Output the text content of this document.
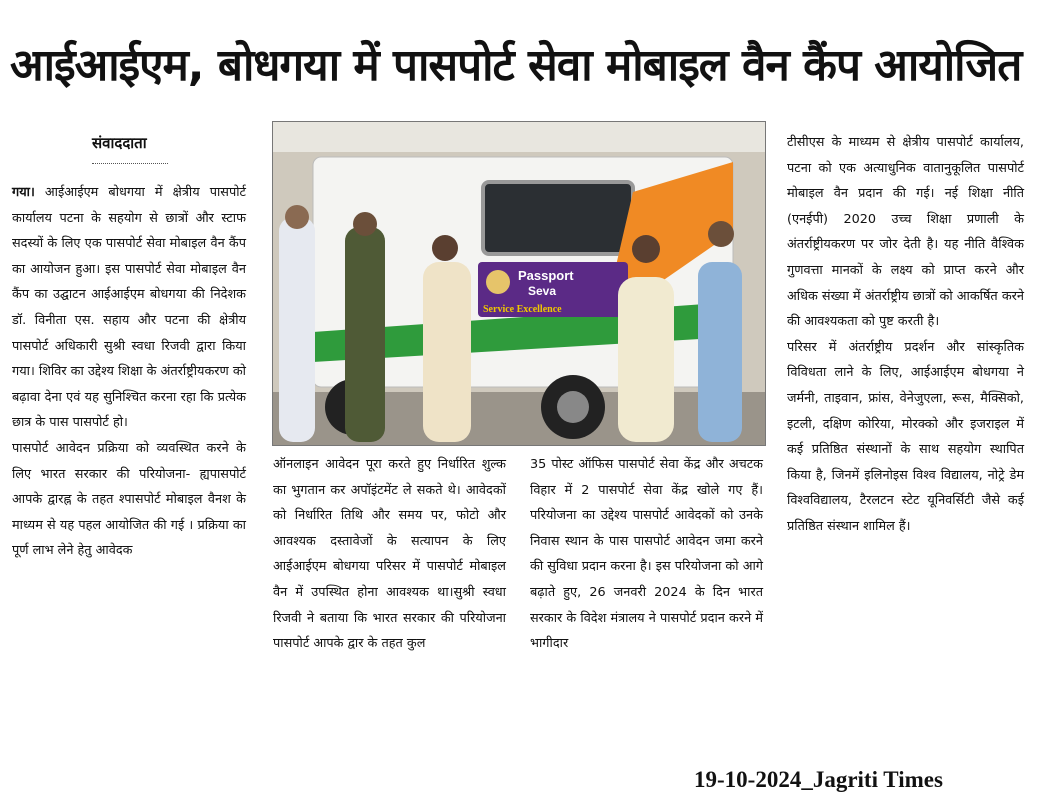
आईआईएम, बोधगया में पासपोर्ट सेवा मोबाइल वैन कैंप आयोजित
संवाददाता

गया। आईआईएम बोधगया में क्षेत्रीय पासपोर्ट कार्यालय पटना के सहयोग से छात्रों और स्टाफ सदस्यों के लिए एक पासपोर्ट सेवा मोबाइल वैन कैंप का आयोजन हुआ। इस पासपोर्ट सेवा मोबाइल वैन कैंप का उद्घाटन आईआईएम बोधगया की निदेशक डॉ. विनीता एस. सहाय और पटना की क्षेत्रीय पासपोर्ट अधिकारी सुश्री स्वधा रिजवी द्वारा किया गया। शिविर का उद्देश्य शिक्षा के अंतर्राष्ट्रीयकरण को बढ़ावा देना एवं यह सुनिश्चित करना रहा कि प्रत्येक छात्र के पास पासपोर्ट हो।

पासपोर्ट आवेदन प्रक्रिया को व्यवस्थित करने के लिए भारत सरकार की परियोजना- ह्यपासपोर्ट आपके द्वारह्न के तहत श्पासपोर्ट मोबाइल वैनश के माध्यम से यह पहल आयोजित की गई । प्रक्रिया का पूर्ण लाभ लेने हेतु आवेदक

Passport
Seva
Service Excellence

ऑनलाइन आवेदन पूरा करते हुए निर्धारित शुल्क का भुगतान कर अपॉइंटमेंट ले सकते थे। आवेदकों को निर्धारित तिथि और समय पर, फोटो और आवश्यक दस्तावेजों के सत्यापन के लिए आईआईएम बोधगया परिसर में पासपोर्ट मोबाइल वैन में उपस्थित होना आवश्यक था।सुश्री स्वधा रिजवी ने बताया कि भारत सरकार की परियोजना पासपोर्ट आपके द्वार के तहत कुल

35 पोस्ट ऑफिस पासपोर्ट सेवा केंद्र और अचटक विहार में 2 पासपोर्ट सेवा केंद्र खोले गए हैं। परियोजना का उद्देश्य पासपोर्ट आवेदकों को उनके निवास स्थान के पास पासपोर्ट आवेदन जमा करने की सुविधा प्रदान करना है। इस परियोजना को आगे बढ़ाते हुए, 26 जनवरी 2024 के दिन भारत सरकार के विदेश मंत्रालय ने पासपोर्ट प्रदान करने में भागीदार

टीसीएस के माध्यम से क्षेत्रीय पासपोर्ट कार्यालय, पटना को एक अत्याधुनिक वातानुकूलित पासपोर्ट मोबाइल वैन प्रदान की गई। नई शिक्षा नीति (एनईपी) 2020 उच्च शिक्षा प्रणाली के अंतर्राष्ट्रीयकरण पर जोर देती है। यह नीति वैश्विक गुणवत्ता मानकों के लक्ष्य को प्राप्त करने और अधिक संख्या में अंतर्राष्ट्रीय छात्रों को आकर्षित करने की आवश्यकता को पुष्ट करती है।

परिसर में अंतर्राष्ट्रीय प्रदर्शन और सांस्कृतिक विविधता लाने के लिए, आईआईएम बोधगया ने जर्मनी, ताइवान, फ्रांस, वेनेजुएला, रूस, मैक्सिको, इटली, दक्षिण कोरिया, मोरक्को और इजराइल में कई प्रतिष्ठित संस्थानों के साथ सहयोग स्थापित किया है, जिनमें इलिनोइस विश्व विद्यालय, नोट्रे डेम विश्वविद्यालय, टैरलटन स्टेट यूनिवर्सिटी जैसे कई प्रतिष्ठित संस्थान शामिल हैं।

19-10-2024_Jagriti Times
